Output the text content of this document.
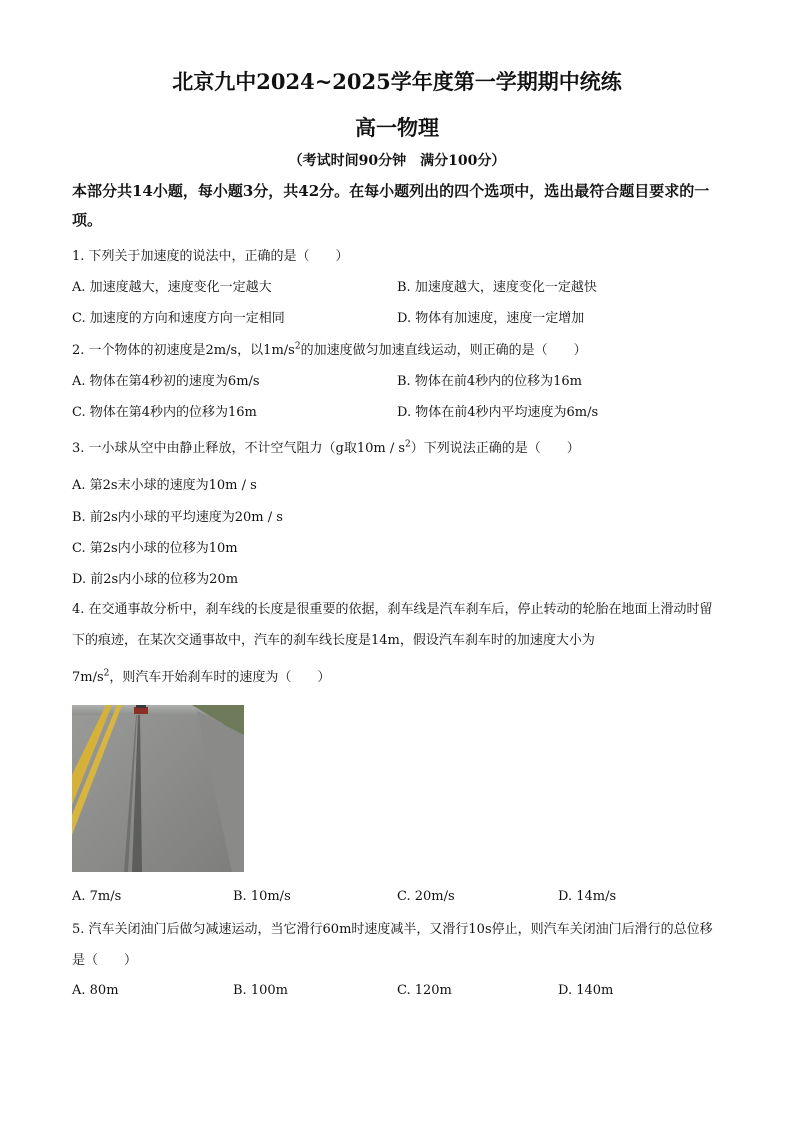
北京九中2024~2025学年度第一学期期中统练
高一物理
（考试时间90分钟　满分100分）
本部分共14小题，每小题3分，共42分。在每小题列出的四个选项中，选出最符合题目要求的一项。
1. 下列关于加速度的说法中，正确的是（　　）
A. 加速度越大，速度变化一定越大	B. 加速度越大，速度变化一定越快
C. 加速度的方向和速度方向一定相同	D. 物体有加速度，速度一定增加
2. 一个物体的初速度是2m/s，以$1m/s^2$的加速度做匀加速直线运动，则正确的是（　　）
A. 物体在第4秒初的速度为6m/s	B. 物体在前4秒内的位移为16m
C. 物体在第4秒内的位移为16m	D. 物体在前4秒内平均速度为6m/s
3. 一小球从空中由静止释放，不计空气阻力（g取$10m / s^2$）下列说法正确的是（　　）
A. 第2s末小球的速度为10m / s
B. 前2s内小球的平均速度为20m / s
C. 第2s内小球的位移为10m
D. 前2s内小球的位移为20m
4. 在交通事故分析中，刹车线的长度是很重要的依据，刹车线是汽车刹车后，停止转动的轮胎在地面上滑动时留下的痕迹，在某次交通事故中，汽车的刹车线长度是14m，假设汽车刹车时的加速度大小为
$7m/s^2$，则汽车开始刹车时的速度为（　　）
A. 7m/s	B. 10m/s	C. 20m/s	D. 14m/s
5. 汽车关闭油门后做匀减速运动，当它滑行60m时速度减半，又滑行10s停止，则汽车关闭油门后滑行的总位移是（　　）
A. 80m	B. 100m	C. 120m	D. 140m
